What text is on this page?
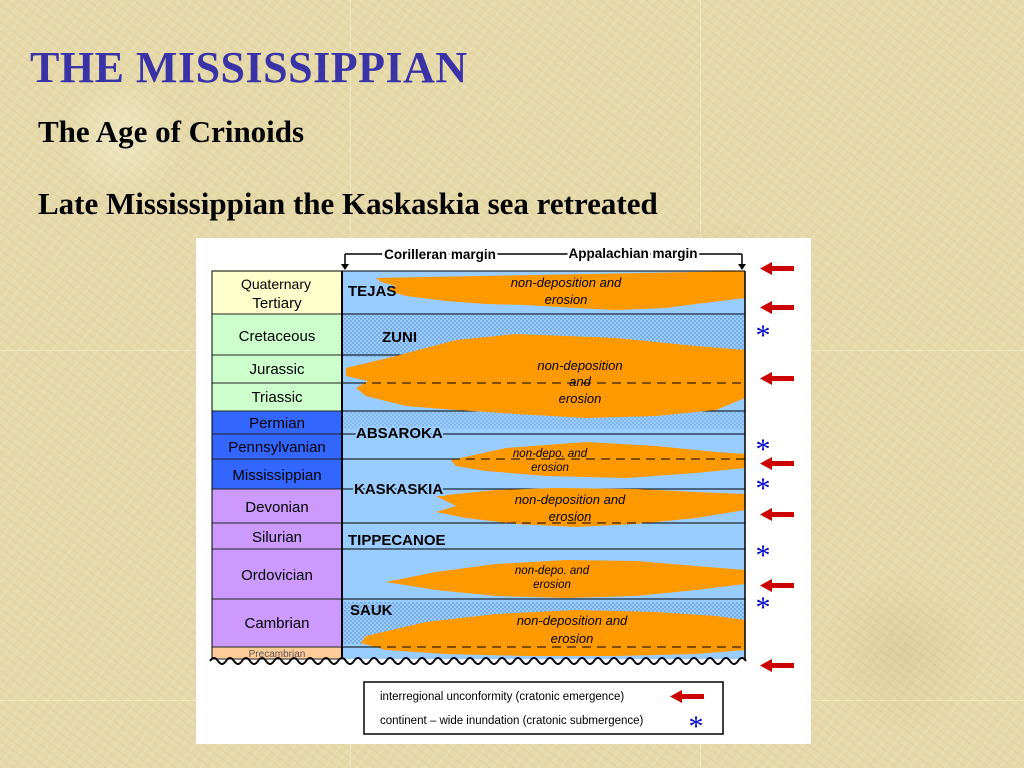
THE MISSISSIPPIAN
The Age of Crinoids
Late Mississippian the Kaskaskia sea retreated
Corilleran margin	Appalachian margin
Quaternary
Tertiary
Cretaceous
Jurassic
Triassic
Permian
Pennsylvanian
Mississippian
Devonian
Silurian
Ordovician
Cambrian
Precambrian
non-deposition and
erosion
non-deposition
and
erosion
non-depo. and
erosion
non-deposition and
erosion
non-depo. and
erosion
non-deposition and
erosion
TEJAS
ZUNI
ABSAROKA
KASKASKIA
TIPPECANOE
SAUK
*
*
*
*
*
interregional unconformity (cratonic emergence)
continent – wide inundation (cratonic submergence) *
